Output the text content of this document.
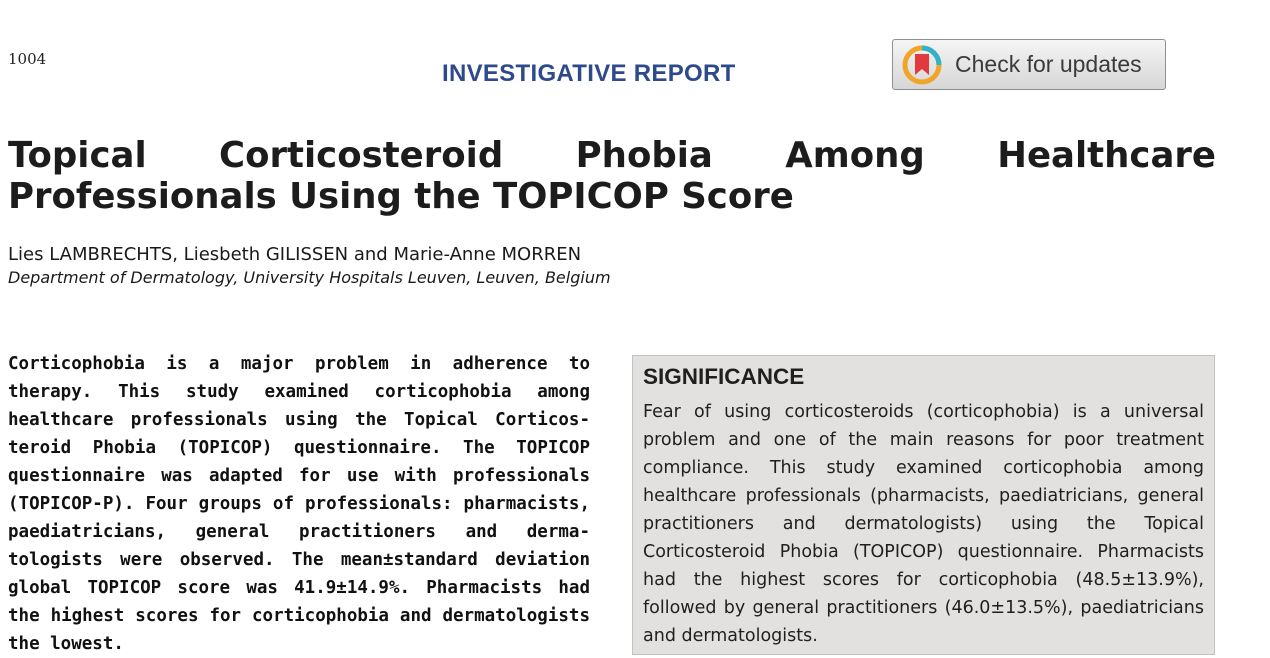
1004
INVESTIGATIVE REPORT	Check for updates
Topical Corticosteroid Phobia Among Healthcare Professionals Using the TOPICOP Score
Lies LAMBRECHTS, Liesbeth GILISSEN and Marie-Anne MORREN
Department of Dermatology, University Hospitals Leuven, Leuven, Belgium

Corticophobia is a major problem in adherence to therapy. This study examined corticophobia among healthcare professionals using the Topical Corticosteroid Phobia (TOPICOP) questionnaire. The TOPICOP questionnaire was adapted for use with professionals (TOPICOP-P). Four groups of professionals: pharmacists, paediatricians, general practitioners and dermatologists were observed. The mean±standard deviation global TOPICOP score was 41.9±14.9%. Pharmacists had the highest scores for corticophobia and dermatologists the lowest.

SIGNIFICANCE

Fear of using corticosteroids (corticophobia) is a universal problem and one of the main reasons for poor treatment compliance. This study examined corticophobia among healthcare professionals (pharmacists, paediatricians, general practitioners and dermatologists) using the Topical Corticosteroid Phobia (TOPICOP) questionnaire. Pharmacists had the highest scores for corticophobia (48.5±13.9%), followed by general practitioners (46.0±13.5%), paediatricians and dermatologists.
